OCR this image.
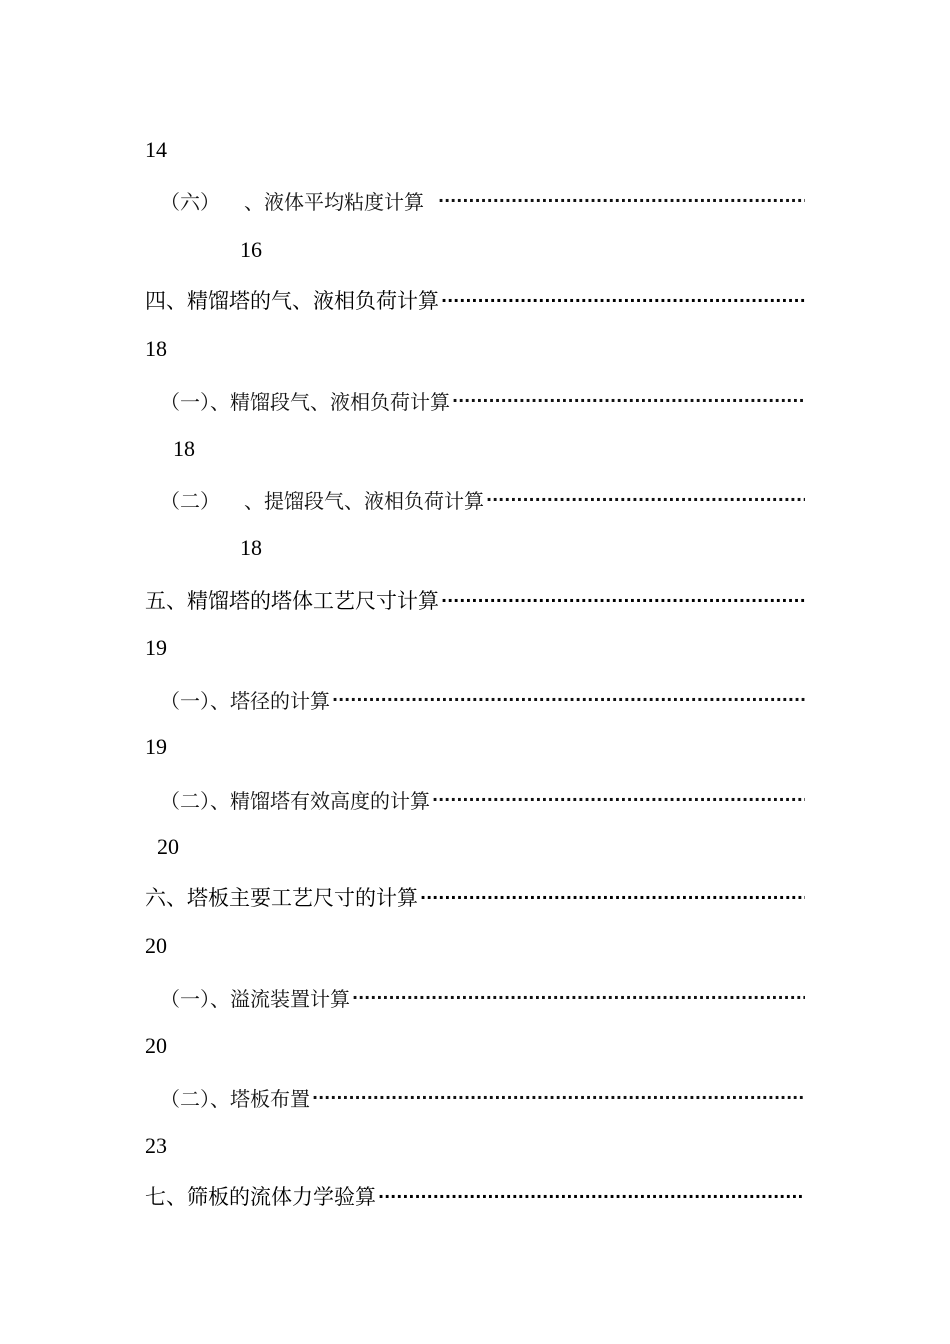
14
（六） 、液体平均粘度计算
·····
16
四、精馏塔的气、液相负荷计算
·····
18
（一）、精馏段气、液相负荷计算
·····
18
（二） 、提馏段气、液相负荷计算
·····
18
五、精馏塔的塔体工艺尺寸计算
·····
19
（一）、塔径的计算
·····
19
（二）、精馏塔有效高度的计算
·····
20
六、塔板主要工艺尺寸的计算
·····
20
（一）、溢流装置计算
·····
20
（二）、塔板布置
·····
23
七、筛板的流体力学验算
·····
